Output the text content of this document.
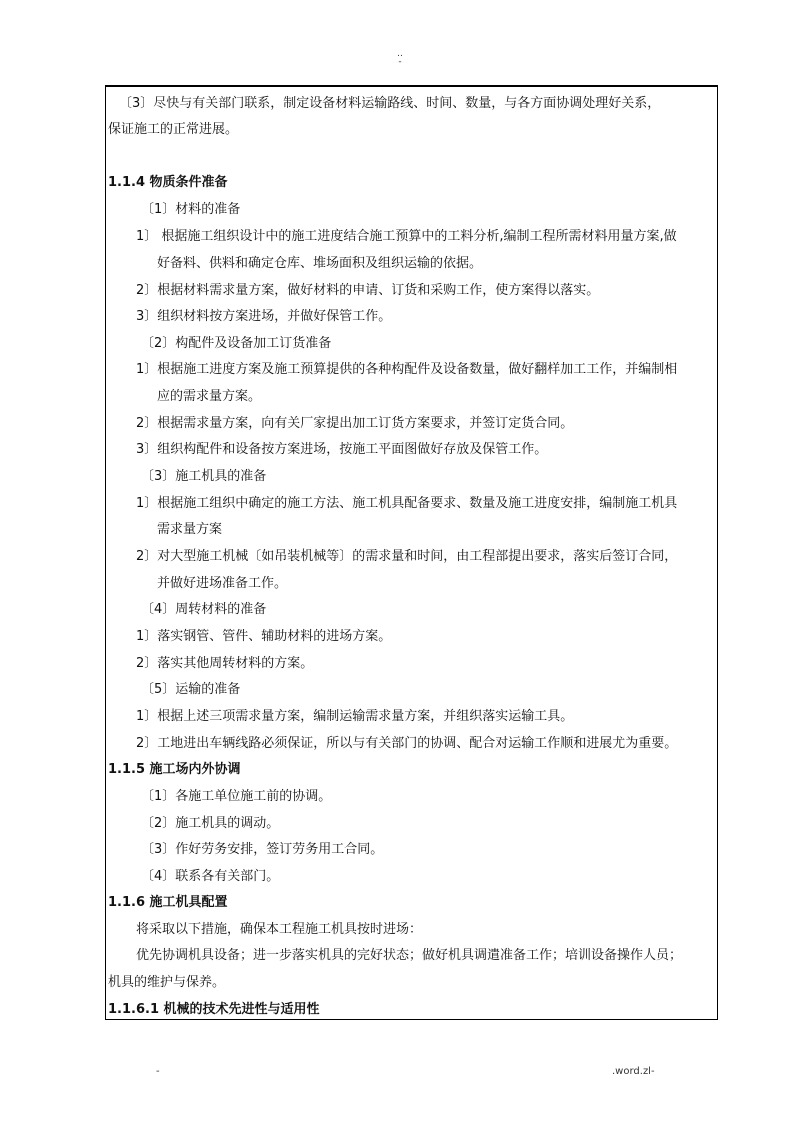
..
-
〔3〕尽快与有关部门联系，制定设备材料运输路线、时间、数量，与各方面协调处理好关系，
保证施工的正常进展。
1.1.4 物质条件准备
〔1〕材料的准备
1〕 根据施工组织设计中的施工进度结合施工预算中的工料分析,编制工程所需材料用量方案,做
好备料、供料和确定仓库、堆场面积及组织运输的依据。
2〕根据材料需求量方案，做好材料的申请、订货和采购工作，使方案得以落实。
3〕组织材料按方案进场，并做好保管工作。
〔2〕构配件及设备加工订货准备
1〕根据施工进度方案及施工预算提供的各种构配件及设备数量，做好翻样加工工作，并编制相
应的需求量方案。
2〕根据需求量方案，向有关厂家提出加工订货方案要求，并签订定货合同。
3〕组织构配件和设备按方案进场，按施工平面图做好存放及保管工作。
〔3〕施工机具的准备
1〕根据施工组织中确定的施工方法、施工机具配备要求、数量及施工进度安排，编制施工机具
需求量方案
2〕对大型施工机械〔如吊装机械等〕的需求量和时间，由工程部提出要求，落实后签订合同，
并做好进场准备工作。
〔4〕周转材料的准备
1〕落实钢管、管件、辅助材料的进场方案。
2〕落实其他周转材料的方案。
〔5〕运输的准备
1〕根据上述三项需求量方案，编制运输需求量方案，并组织落实运输工具。
2〕工地进出车辆线路必须保证，所以与有关部门的协调、配合对运输工作顺和进展尤为重要。
1.1.5 施工场内外协调
〔1〕各施工单位施工前的协调。
〔2〕施工机具的调动。
〔3〕作好劳务安排，签订劳务用工合同。
〔4〕联系各有关部门。
1.1.6 施工机具配置
将采取以下措施，确保本工程施工机具按时进场：
优先协调机具设备；进一步落实机具的完好状态；做好机具调遣准备工作；培训设备操作人员；
机具的维护与保养。
1.1.6.1 机械的技术先进性与适用性
-	.word.zl-
